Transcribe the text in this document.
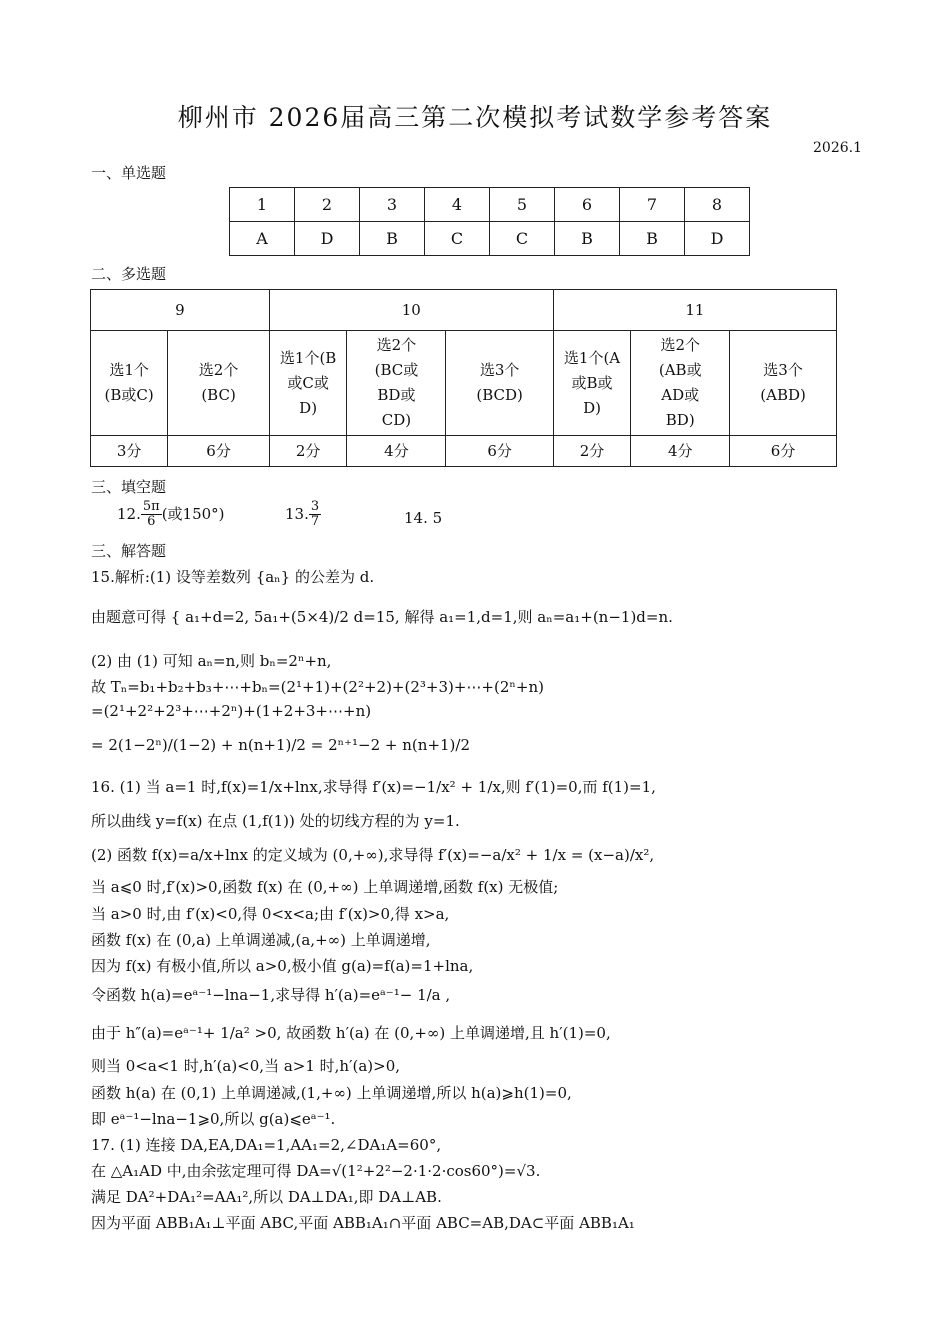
柳州市 2026届高三第二次模拟考试数学参考答案
2026.1
一、单选题
1	2	3	4	5	6	7	8
A	D	B	C	C	B	B	D
二、多选题
9		10			11		
选1个(B或C)	选2个(BC)	选1个(B或C或D)	选2个(BC或BD或CD)	选3个(BCD)	选1个(A或B或D)	选2个(AB或AD或BD)	选3个(ABD)
3分	6分	2分	4分	6分	2分	4分	6分
三、填空题
12. $\frac{5\pi}{6}$ (或150°)	13. $\frac{3}{7}$	14. 5
三、解答题
15.解析:(1) 设等差数列 {aₙ} 的公差为 d.
由题意可得 { a₁+d=2, 5a₁+(5×4)/2 d=15, 解得 a₁=1,d=1,则 aₙ=a₁+(n−1)d=n.
(2) 由 (1) 可知 aₙ=n,则 bₙ=2ⁿ+n,
故 Tₙ=b₁+b₂+b₃+⋯+bₙ=(2¹+1)+(2²+2)+(2³+3)+⋯+(2ⁿ+n)
=(2¹+2²+2³+⋯+2ⁿ)+(1+2+3+⋯+n)
= 2(1−2ⁿ)/(1−2) + n(n+1)/2 = 2ⁿ⁺¹−2 + n(n+1)/2
16. (1) 当 a=1 时,f(x)=1/x+lnx,求导得 f′(x)=−1/x² + 1/x,则 f′(1)=0,而 f(1)=1,
所以曲线 y=f(x) 在点 (1,f(1)) 处的切线方程的为 y=1.
(2) 函数 f(x)=a/x+lnx 的定义域为 (0,+∞),求导得 f′(x)=−a/x² + 1/x = (x−a)/x²,
当 a⩽0 时,f′(x)>0,函数 f(x) 在 (0,+∞) 上单调递增,函数 f(x) 无极值;
当 a>0 时,由 f′(x)<0,得 0<x<a;由 f′(x)>0,得 x>a,
函数 f(x) 在 (0,a) 上单调递减,(a,+∞) 上单调递增,
因为 f(x) 有极小值,所以 a>0,极小值 g(a)=f(a)=1+lna,
令函数 h(a)=eᵃ⁻¹−lna−1,求导得 h′(a)=eᵃ⁻¹− 1/a ,
由于 h″(a)=eᵃ⁻¹+ 1/a² >0, 故函数 h′(a) 在 (0,+∞) 上单调递增,且 h′(1)=0,
则当 0<a<1 时,h′(a)<0,当 a>1 时,h′(a)>0,
函数 h(a) 在 (0,1) 上单调递减,(1,+∞) 上单调递增,所以 h(a)⩾h(1)=0,
即 eᵃ⁻¹−lna−1⩾0,所以 g(a)⩽eᵃ⁻¹.
17. (1) 连接 DA,EA,DA₁=1,AA₁=2,∠DA₁A=60°,
在 △A₁AD 中,由余弦定理可得 DA=√(1²+2²−2·1·2·cos60°)=√3.
满足 DA²+DA₁²=AA₁²,所以 DA⊥DA₁,即 DA⊥AB.
因为平面 ABB₁A₁⊥平面 ABC,平面 ABB₁A₁∩平面 ABC=AB,DA⊂平面 ABB₁A₁
